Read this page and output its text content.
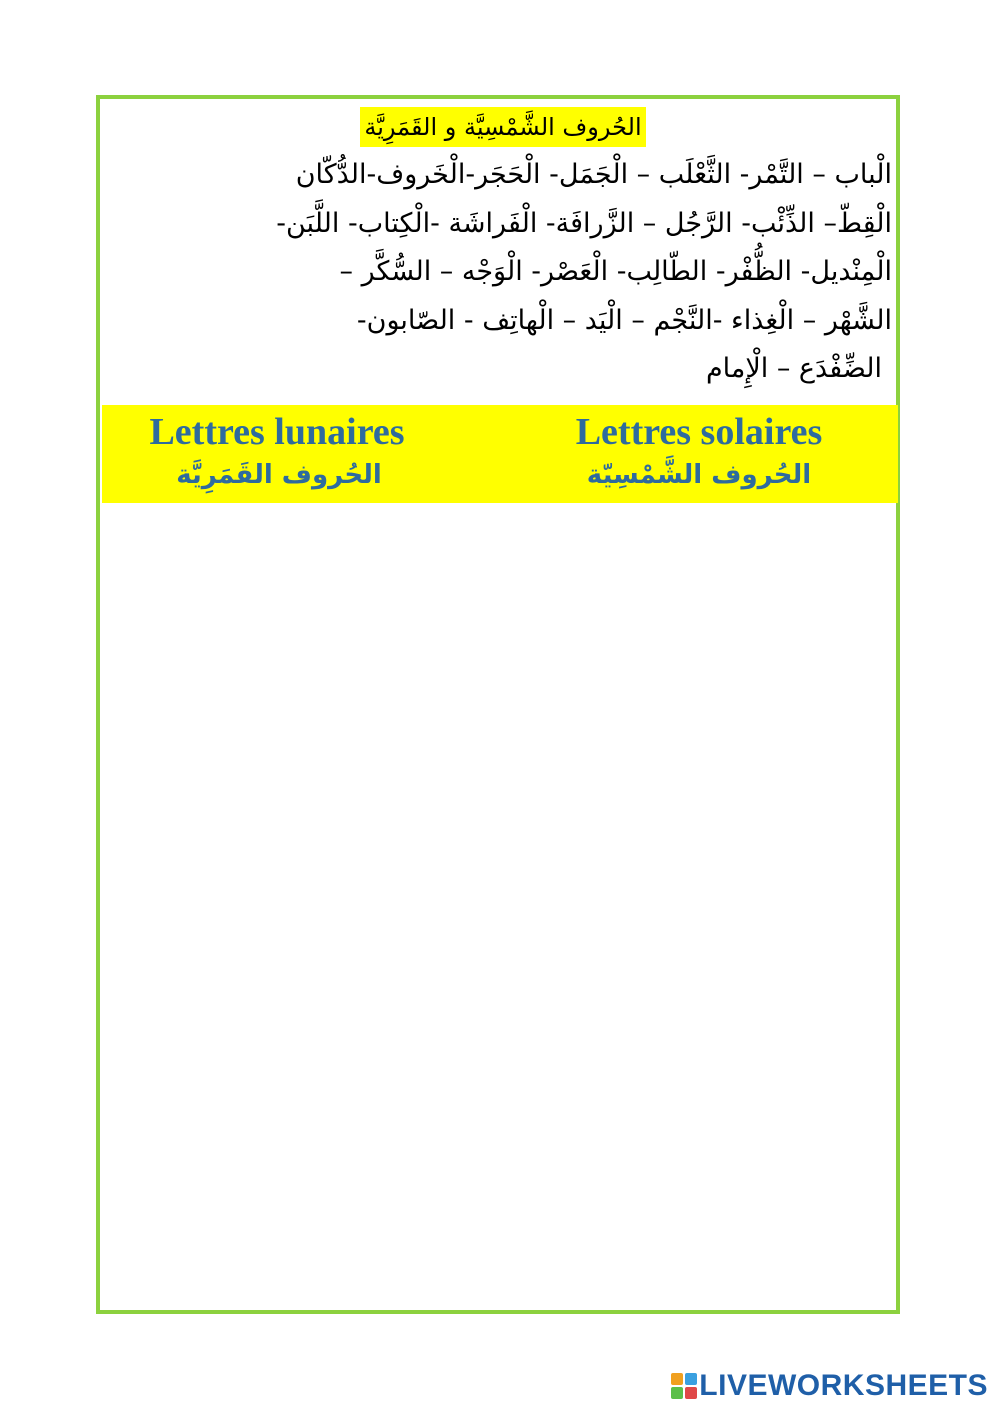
الحُروف الشَّمْسِيَّة و القَمَرِيَّة
الْباب – التَّمْر- الثَّعْلَب – الْجَمَل- الْحَجَر-الْخَروف-الدُّكّان
الْقِطّ– الذِّئْب- الرَّجُل – الزَّرافَة- الْفَراشَة -الْكِتاب- اللَّبَن-
الْمِنْديل- الظُّفْر- الطّالِب- الْعَصْر- الْوَجْه – السُّكَّر –
الشَّهْر – الْغِذاء -النَّجْم – الْيَد – الْهاتِف - الصّابون-
الضِّفْدَع – الْإِمام
Lettres lunaires
الحُروف القَمَرِيَّة
Lettres solaires
الحُروف الشَّمْسِيّة
LIVEWORKSHEETS
